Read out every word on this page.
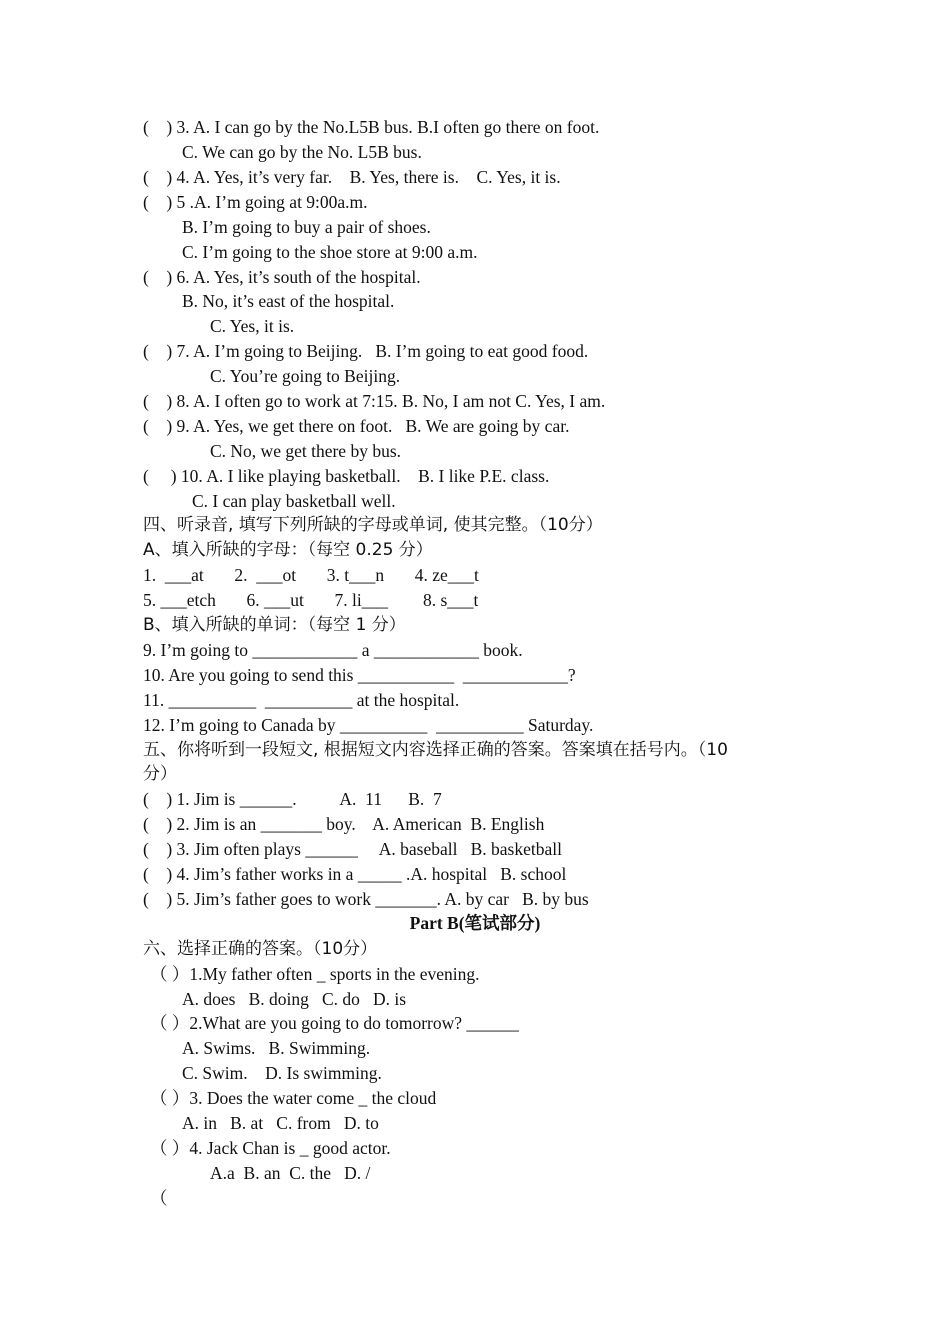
(    ) 3. A. I can go by the No.L5B bus. B.I often go there on foot.

C. We can go by the No. L5B bus.

(    ) 4. A. Yes, it’s very far.    B. Yes, there is.    C. Yes, it is.

(    ) 5 .A. I’m going at 9:00a.m.

B. I’m going to buy a pair of shoes.

C. I’m going to the shoe store at 9:00 a.m.

(    ) 6. A. Yes, it’s south of the hospital.

B. No, it’s east of the hospital.

C. Yes, it is.

(    ) 7. A. I’m going to Beijing.   B. I’m going to eat good food.

C. You’re going to Beijing.

(    ) 8. A. I often go to work at 7:15. B. No, I am not C. Yes, I am.

(    ) 9. A. Yes, we get there on foot.   B. We are going by car.

C. No, we get there by bus.

(     ) 10. A. I like playing basketball.    B. I like P.E. class.

C. I can play basketball well.

四、听录音, 填写下列所缺的字母或单词, 使其完整。（10分）

A、填入所缺的字母：（每空 0.25 分）

1.  ___at       2.  ___ot       3. t___n       4. ze___t

5. ___etch       6. ___ut       7. li___        8. s___t

B、填入所缺的单词：（每空 1 分）

9. I’m going to ____________ a ____________ book.

10. Are you going to send this ___________  ____________?

11. __________  __________ at the hospital.

12. I’m going to Canada by __________  __________ Saturday.

五、你将听到一段短文, 根据短文内容选择正确的答案。答案填在括号内。（10

分）

(    ) 1. Jim is ______.          A.  11      B.  7

(    ) 2. Jim is an _______ boy.    A. American  B. English

(    ) 3. Jim often plays ______     A. baseball   B. basketball

(    ) 4. Jim’s father works in a _____ .A. hospital   B. school

(    ) 5. Jim’s father goes to work _______. A. by car   B. by bus

Part B(笔试部分)

六、选择正确的答案。（10分）

（ ）1.My father often _ sports in the evening.

A. does   B. doing   C. do   D. is

（ ）2.What are you going to do tomorrow? ______

A. Swims.   B. Swimming.

C. Swim.    D. Is swimming.

（ ）3. Does the water come _ the cloud

A. in   B. at   C. from   D. to

（ ）4. Jack Chan is _ good actor.

A.a  B. an  C. the   D. /

（
